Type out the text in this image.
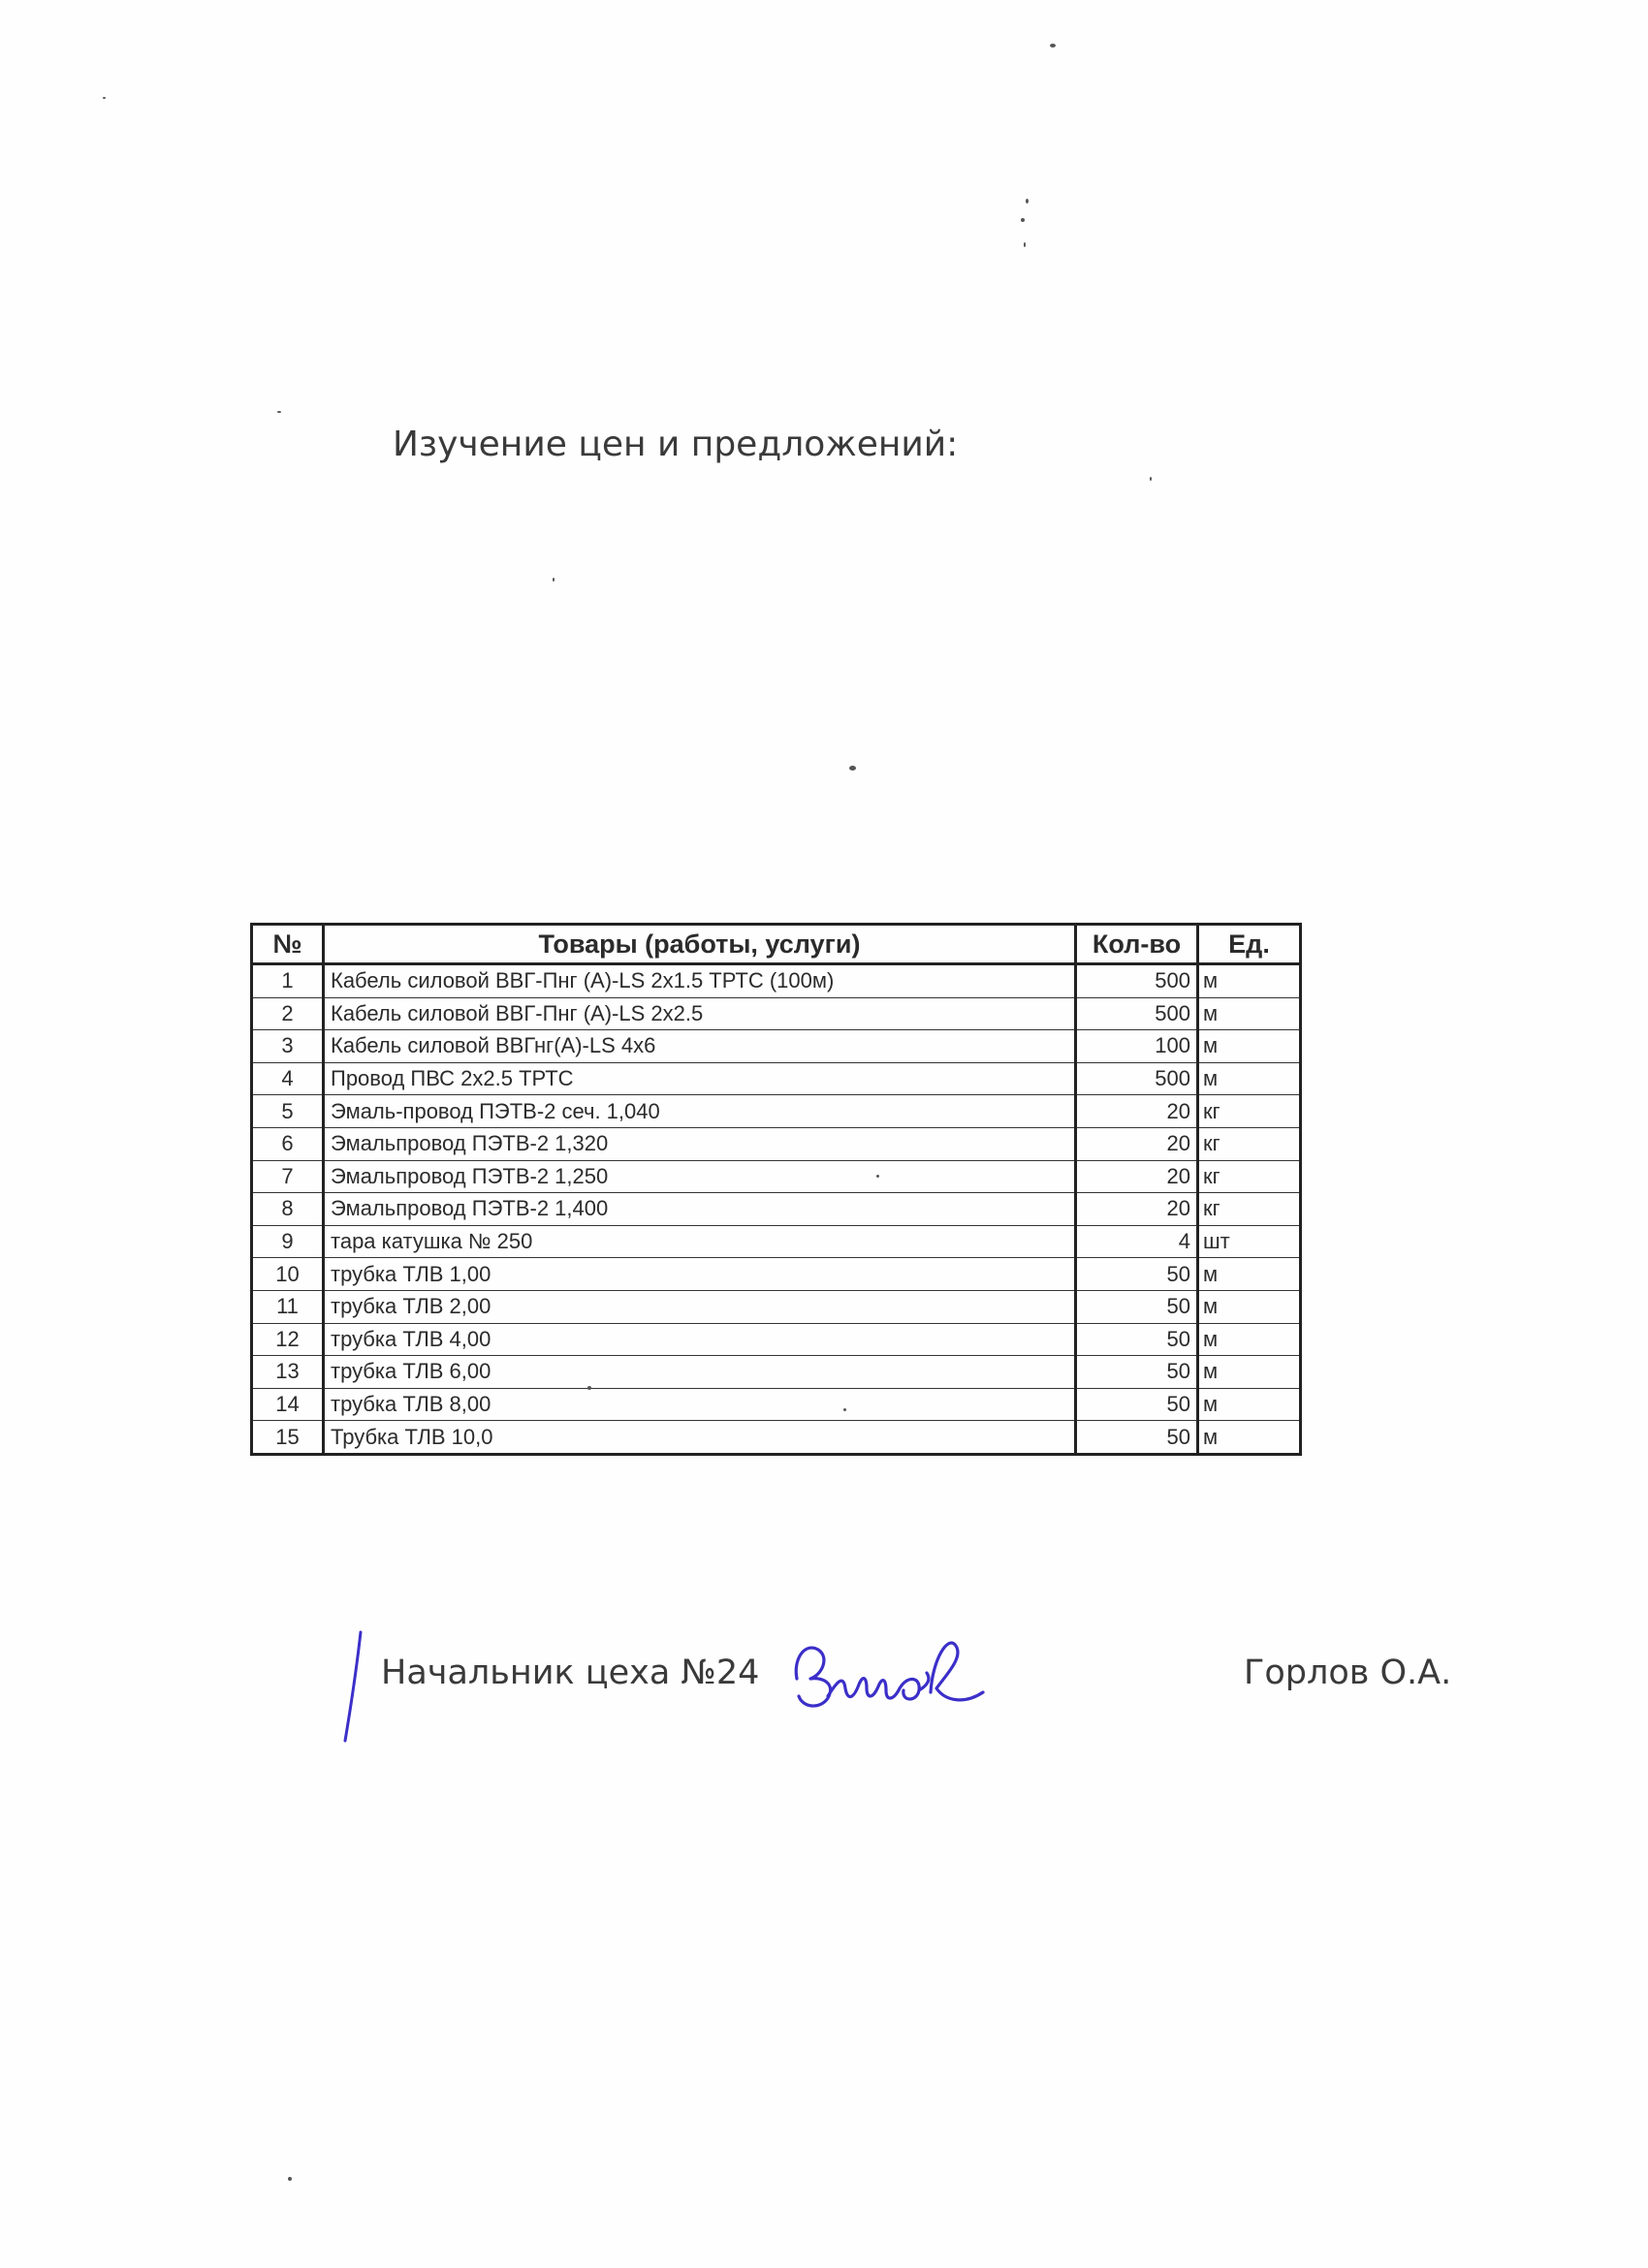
Изучение цен и предложений:
№	Товары (работы, услуги)	Кол-во	Ед.
1	Кабель силовой ВВГ-Пнг (А)-LS 2х1.5 ТРТС (100м)	500	м
2	Кабель силовой ВВГ-Пнг (А)-LS 2х2.5	500	м
3	Кабель силовой ВВГнг(А)-LS 4х6	100	м
4	Провод ПВС 2х2.5 ТРТС	500	м
5	Эмаль-провод ПЭТВ-2 сеч. 1,040	20	кг
6	Эмальпровод ПЭТВ-2 1,320	20	кг
7	Эмальпровод ПЭТВ-2 1,250	20	кг
8	Эмальпровод ПЭТВ-2 1,400	20	кг
9	тара катушка № 250	4	шт
10	трубка ТЛВ 1,00	50	м
11	трубка ТЛВ 2,00	50	м
12	трубка ТЛВ 4,00	50	м
13	трубка ТЛВ 6,00	50	м
14	трубка ТЛВ 8,00	50	м
15	Трубка ТЛВ 10,0	50	м
Начальник цеха №24	Горлов О.А.
